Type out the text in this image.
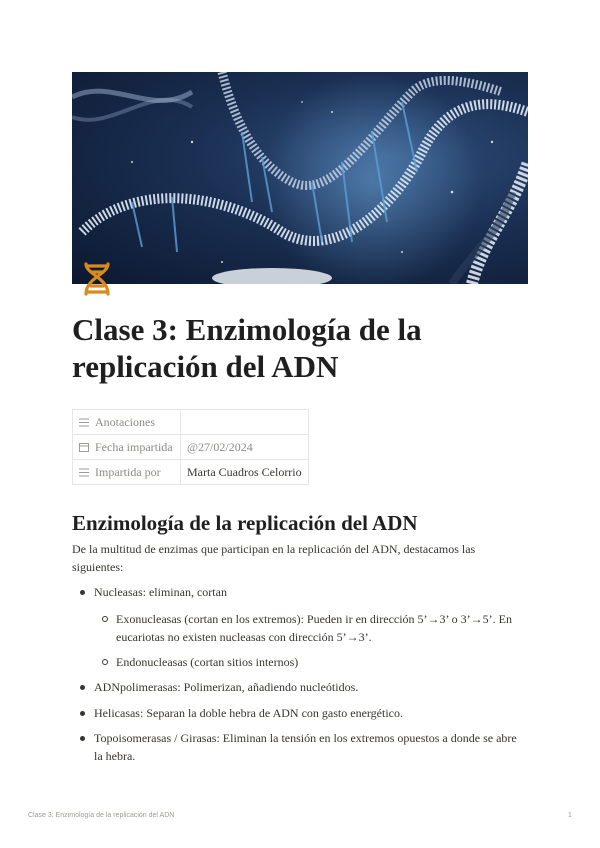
Clase 3: Enzimología de la
replicación del ADN
Anotaciones	
Fecha impartida	@27/02/2024
Impartida por	Marta Cuadros Celorrio
Enzimología de la replicación del ADN

De la multitud de enzimas que participan en la replicación del ADN, destacamos las siguientes:

Nucleasas: eliminan, cortan

Exonucleasas (cortan en los extremos): Pueden ir en dirección 5’→3’ o 3’→5’. En eucariotas no existen nucleasas con dirección 5’→3’.

Endonucleasas (cortan sitios internos)

ADNpolimerasas: Polimerizan, añadiendo nucleótidos.

Helicasas: Separan la doble hebra de ADN con gasto energético.

Topoisomerasas / Girasas: Eliminan la tensión en los extremos opuestos a donde se abre la hebra.

Clase 3: Enzimología de la replicación del ADN	1
